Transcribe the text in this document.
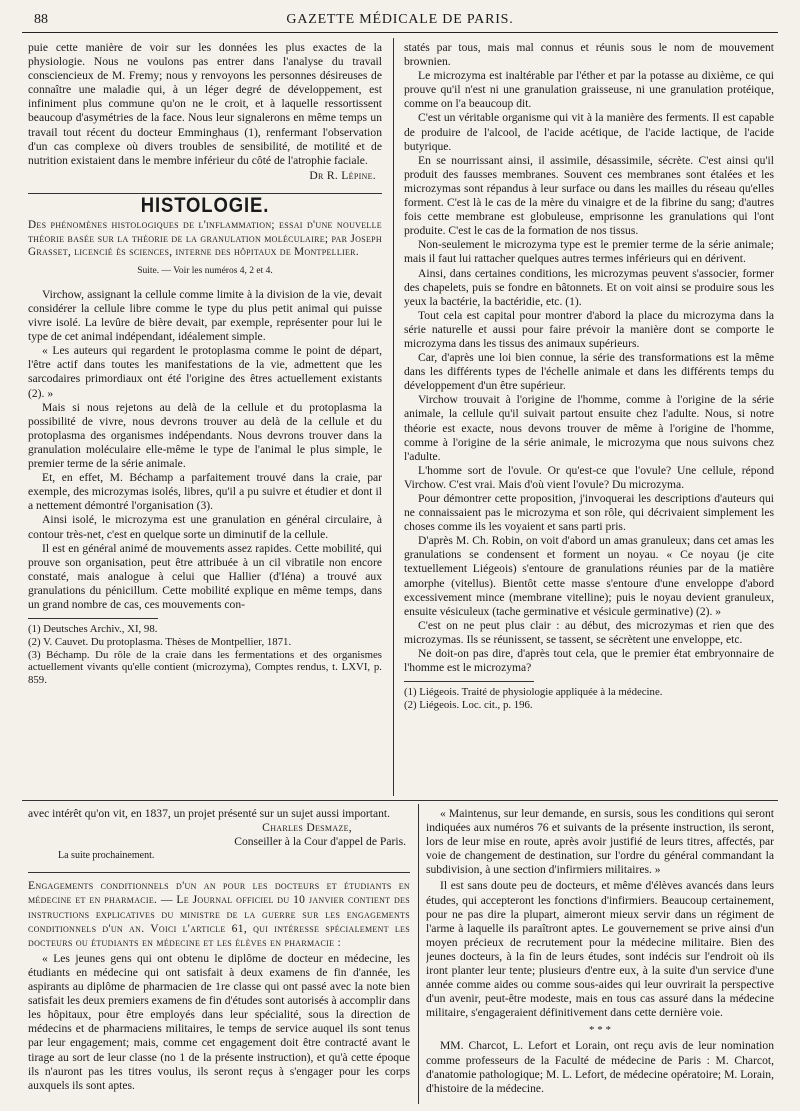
88	GAZETTE MÉDICALE DE PARIS.

puie cette manière de voir sur les données les plus exactes de la physiologie. Nous ne voulons pas entrer dans l'analyse du travail consciencieux de M. Fremy; nous y renvoyons les personnes désireuses de connaître une maladie qui, à un léger degré de développement, est infiniment plus commune qu'on ne le croit, et à laquelle ressortissent beaucoup d'asymétries de la face. Nous leur signalerons en même temps un travail tout récent du docteur Emminghaus (1), renfermant l'observation d'un cas complexe où divers troubles de sensibilité, de motilité et de nutrition existaient dans le membre inférieur du côté de l'atrophie faciale.

Dr R. Lépine.
HISTOLOGIE.

Des phénomènes histologiques de l'inflammation; essai d'une nouvelle théorie basée sur la théorie de la granulation moléculaire; par Joseph Grasset, licencié ès sciences, interne des hôpitaux de Montpellier.

Suite. — Voir les numéros 4, 2 et 4.

Virchow, assignant la cellule comme limite à la division de la vie, devait considérer la cellule libre comme le type du plus petit animal qui puisse vivre isolé. La levûre de bière devait, par exemple, représenter pour lui le type de cet animal indépendant, idéalement simple.

« Les auteurs qui regardent le protoplasma comme le point de départ, l'être actif dans toutes les manifestations de la vie, admettent que les sarcodaires primordiaux ont été l'origine des êtres actuellement existants (2). »

Mais si nous rejetons au delà de la cellule et du protoplasma la possibilité de vivre, nous devrons trouver au delà de la cellule et du protoplasma des organismes indépendants. Nous devrons trouver dans la granulation moléculaire elle-même le type de l'animal le plus simple, le premier terme de la série animale.

Et, en effet, M. Béchamp a parfaitement trouvé dans la craie, par exemple, des microzymas isolés, libres, qu'il a pu suivre et étudier et dont il a nettement démontré l'organisation (3).

Ainsi isolé, le microzyma est une granulation en général circulaire, à contour très-net, c'est en quelque sorte un diminutif de la cellule.

Il est en général animé de mouvements assez rapides. Cette mobilité, qui prouve son organisation, peut être attribuée à un cil vibratile non encore constaté, mais analogue à celui que Hallier (d'Iéna) a trouvé aux granulations du pénicillum. Cette mobilité explique en même temps, dans un grand nombre de cas, ces mouvements con-

(1) Deutsches Archiv., XI, 98.

(2) V. Cauvet. Du protoplasma. Thèses de Montpellier, 1871.

(3) Béchamp. Du rôle de la craie dans les fermentations et des organismes actuellement vivants qu'elle contient (microzyma), Comptes rendus, t. LXVI, p. 859.

statés par tous, mais mal connus et réunis sous le nom de mouvement brownien.

Le microzyma est inaltérable par l'éther et par la potasse au dixième, ce qui prouve qu'il n'est ni une granulation graisseuse, ni une granulation protéique, comme on l'a beaucoup dit.

C'est un véritable organisme qui vit à la manière des ferments. Il est capable de produire de l'alcool, de l'acide acétique, de l'acide lactique, de l'acide butyrique.

En se nourrissant ainsi, il assimile, désassimile, sécrète. C'est ainsi qu'il produit des fausses membranes. Souvent ces membranes sont étalées et les microzymas sont répandus à leur surface ou dans les mailles du réseau qu'elles forment. C'est là le cas de la mère du vinaigre et de la fibrine du sang; d'autres fois cette membrane est globuleuse, emprisonne les granulations qui l'ont produite. C'est le cas de la formation de nos tissus.

Non-seulement le microzyma type est le premier terme de la série animale; mais il faut lui rattacher quelques autres termes inférieurs qui en dérivent.

Ainsi, dans certaines conditions, les microzymas peuvent s'associer, former des chapelets, puis se fondre en bâtonnets. Et on voit ainsi se produire sous les yeux la bactérie, la bactéridie, etc. (1).

Tout cela est capital pour montrer d'abord la place du microzyma dans la série naturelle et aussi pour faire prévoir la manière dont se comporte le microzyma dans les tissus des animaux supérieurs.

Car, d'après une loi bien connue, la série des transformations est la même dans les différents types de l'échelle animale et dans les différents temps du développement d'un être supérieur.

Virchow trouvait à l'origine de l'homme, comme à l'origine de la série animale, la cellule qu'il suivait partout ensuite chez l'adulte. Nous, si notre théorie est exacte, nous devons trouver de même à l'origine de l'homme, comme à l'origine de la série animale, le microzyma que nous suivons chez l'adulte.

L'homme sort de l'ovule. Or qu'est-ce que l'ovule? Une cellule, répond Virchow. C'est vrai. Mais d'où vient l'ovule? Du microzyma.

Pour démontrer cette proposition, j'invoquerai les descriptions d'auteurs qui ne connaissaient pas le microzyma et son rôle, qui décrivaient simplement les choses comme ils les voyaient et sans parti pris.

D'après M. Ch. Robin, on voit d'abord un amas granuleux; dans cet amas les granulations se condensent et forment un noyau. « Ce noyau (je cite textuellement Liégeois) s'entoure de granulations réunies par de la matière amorphe (vitellus). Bientôt cette masse s'entoure d'une enveloppe d'abord excessivement mince (membrane vitelline); puis le noyau devient granuleux, ensuite vésiculeux (tache germinative et vésicule germinative) (2). »

C'est on ne peut plus clair : au début, des microzymas et rien que des microzymas. Ils se réunissent, se tassent, se sécrètent une enveloppe, etc.

Ne doit-on pas dire, d'après tout cela, que le premier état embryonnaire de l'homme est le microzyma?

(1) Liégeois. Traité de physiologie appliquée à la médecine.

(2) Liégeois. Loc. cit., p. 196.

avec intérêt qu'on vit, en 1837, un projet présenté sur un sujet aussi important.

Charles Desmaze,

Conseiller à la Cour d'appel de Paris.

La suite prochainement.

Engagements conditionnels d'un an pour les docteurs et étudiants en médecine et en pharmacie. — Le Journal officiel du 10 janvier contient des instructions explicatives du ministre de la guerre sur les engagements conditionnels d'un an. Voici l'article 61, qui intéresse spécialement les docteurs ou étudiants en médecine et les élèves en pharmacie :

« Les jeunes gens qui ont obtenu le diplôme de docteur en médecine, les étudiants en médecine qui ont satisfait à deux examens de fin d'année, les aspirants au diplôme de pharmacien de 1re classe qui ont passé avec la note bien satisfait les deux premiers examens de fin d'études sont autorisés à accomplir dans les hôpitaux, pour être employés dans leur spécialité, sous la direction de médecins et de pharmaciens militaires, le temps de service auquel ils sont tenus par leur engagement; mais, comme cet engagement doit être contracté avant le tirage au sort de leur classe (no 1 de la présente instruction), et qu'à cette époque ils n'auront pas les titres voulus, ils seront reçus à s'engager pour les corps auxquels ils sont aptes.

« Maintenus, sur leur demande, en sursis, sous les conditions qui seront indiquées aux numéros 76 et suivants de la présente instruction, ils seront, lors de leur mise en route, après avoir justifié de leurs titres, affectés, par voie de changement de destination, sur l'ordre du général commandant la subdivision, à une section d'infirmiers militaires. »

Il est sans doute peu de docteurs, et même d'élèves avancés dans leurs études, qui accepteront les fonctions d'infirmiers. Beaucoup certainement, pour ne pas dire la plupart, aimeront mieux servir dans un régiment de l'arme à laquelle ils paraîtront aptes. Le gouvernement se prive ainsi d'un moyen précieux de recrutement pour la médecine militaire. Bien des jeunes docteurs, à la fin de leurs études, sont indécis sur l'endroit où ils iront planter leur tente; plusieurs d'entre eux, à la suite d'un service d'une année comme aides ou comme sous-aides qui leur ouvrirait la perspective d'un avenir, peut-être modeste, mais en tous cas assuré dans la médecine militaire, s'engageraient définitivement dans cette dernière voie.

* * *

MM. Charcot, L. Lefort et Lorain, ont reçu avis de leur nomination comme professeurs de la Faculté de médecine de Paris : M. Charcot, d'anatomie pathologique; M. L. Lefort, de médecine opératoire; M. Lorain, d'histoire de la médecine.
